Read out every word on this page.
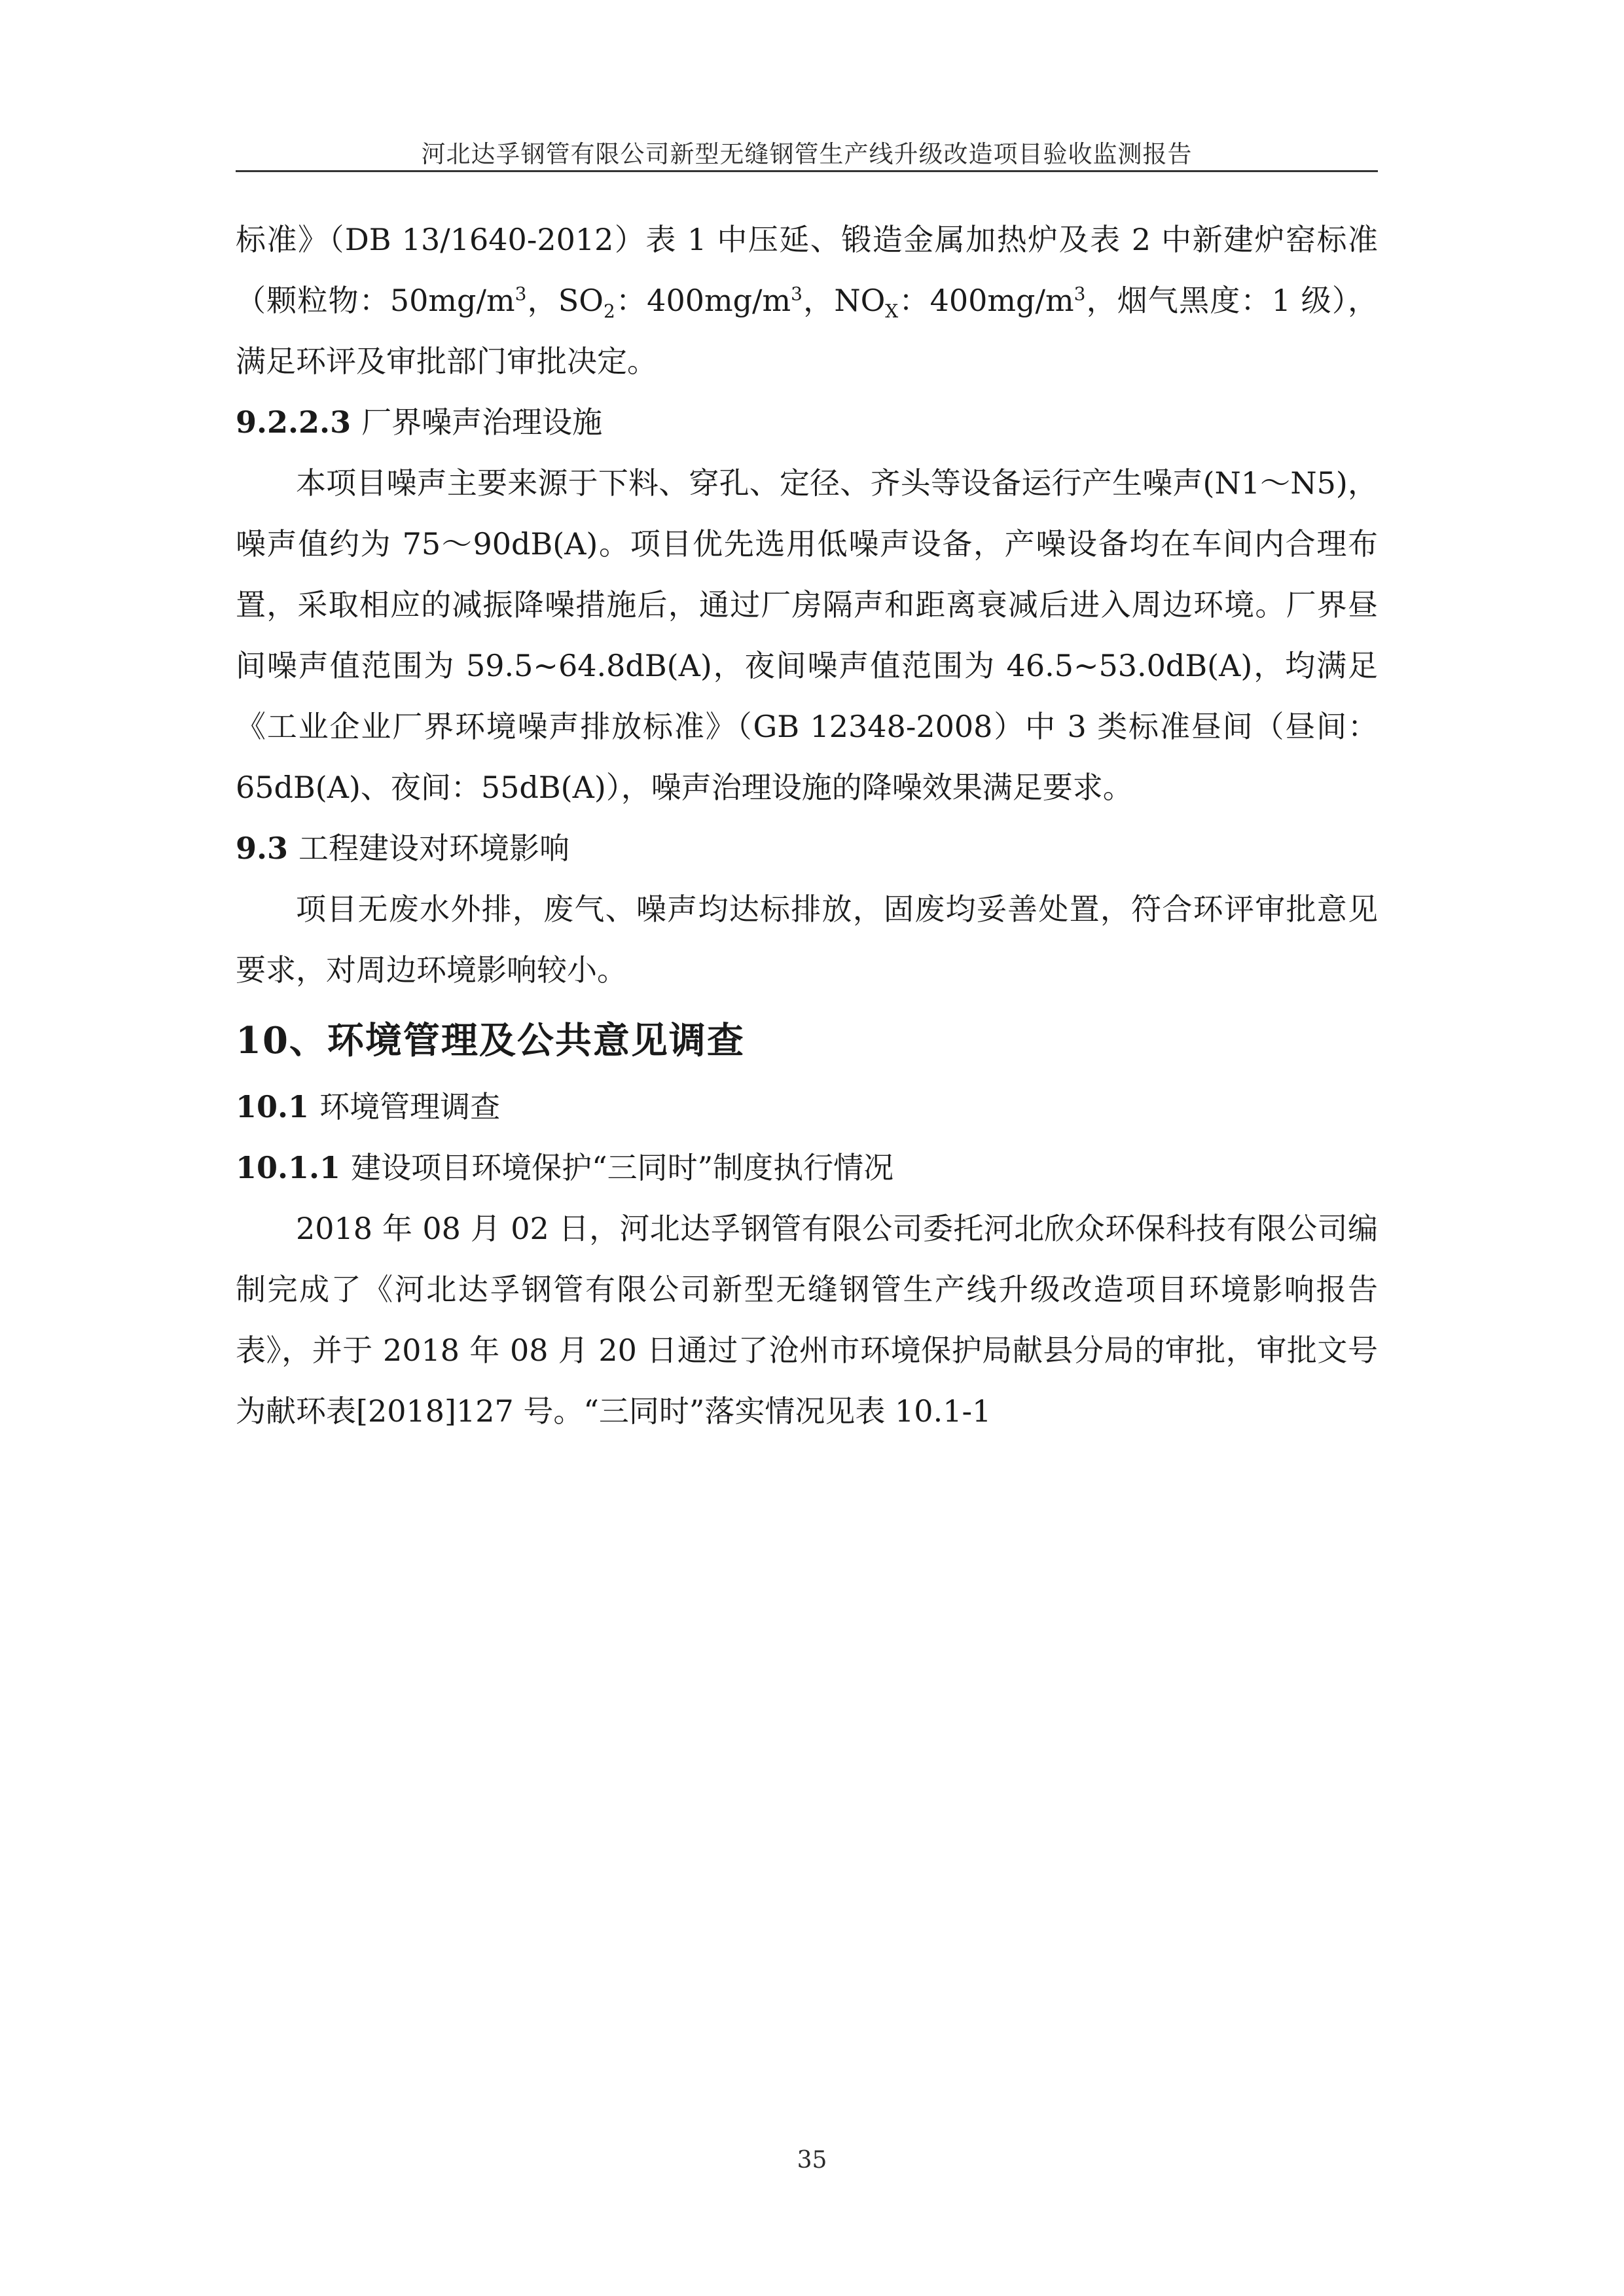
河北达孚钢管有限公司新型无缝钢管生产线升级改造项目验收监测报告

标准》（DB 13/1640-2012）表 1 中压延、锻造金属加热炉及表 2 中新建炉窑标准（颗粒物：$50mg/m^3$，$SO_2$：$400mg/m^3$，$NO_X$：$400mg/m^3$，烟气黑度：1 级），满足环评及审批部门审批决定。

9.2.2.3 厂界噪声治理设施

本项目噪声主要来源于下料、穿孔、定径、齐头等设备运行产生噪声(N1～N5)，噪声值约为 75～90dB(A)。项目优先选用低噪声设备，产噪设备均在车间内合理布置，采取相应的减振降噪措施后，通过厂房隔声和距离衰减后进入周边环境。厂界昼间噪声值范围为 59.5~64.8dB(A)，夜间噪声值范围为 46.5~53.0dB(A)，均满足《工业企业厂界环境噪声排放标准》（GB 12348-2008）中 3 类标准昼间（昼间：65dB(A)、夜间：55dB(A)），噪声治理设施的降噪效果满足要求。

9.3 工程建设对环境影响

项目无废水外排，废气、噪声均达标排放，固废均妥善处置，符合环评审批意见要求，对周边环境影响较小。

10、环境管理及公共意见调查

10.1 环境管理调查

10.1.1 建设项目环境保护“三同时”制度执行情况

2018 年 08 月 02 日，河北达孚钢管有限公司委托河北欣众环保科技有限公司编制完成了《河北达孚钢管有限公司新型无缝钢管生产线升级改造项目环境影响报告表》，并于 2018 年 08 月 20 日通过了沧州市环境保护局献县分局的审批，审批文号为献环表[2018]127 号。“三同时”落实情况见表 10.1-1

35
